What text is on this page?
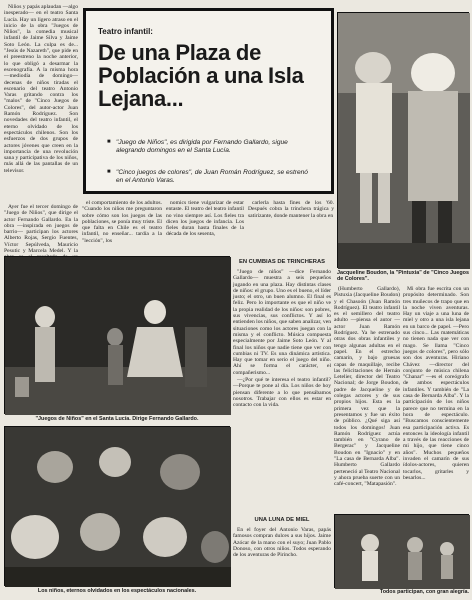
Niños y papás aplaudan —algo inesperado— en el teatro Santa Lucía. Hay un ligero atraso en el inicio de la obra "Juegos de Niños", la comedia musical infantil de Jaime Silva y Jaime Soto León. La culpa es de... "Jesús de Nazareth", que pide en el preestreno la noche anterior, lo que obligó a desarmar la escenografía. A la misma hora —mediodía de domingo— decenas de niños tiradas el escenario del teatro Antonio Varas gritando contra los "malos" de "Cinco Juegos de Colores", del autor-actor Juan Ramón Rodríguez. Son novedades del teatro infantil, el eterno olvidado de los espectáculos chilenos. Son los esfuerzos de dos grupos de actores jóvenes que creen en la importancia de una revolución sana y participativa de los niños, más allá de las pantallas de un televisor.

Teatro infantil:
De una Plaza de Población a una Isla Lejana...
■ "Juego de Niños", es dirigida por Fernando Gallardo, sigue alegrando domingos en el Santa Lucía.
■ "Cinco juegos de colores", de Juan Román Rodríguez, se estrenó en el Antonio Varas.
Jacqueline Boudon, la "Pintuxia" de "Cinco Juegos de Colores".

Ayer fue el tercer domingo de "Juego de Niños", que dirige el actor Fernando Gallardo. En la obra —inspirada en juegos de barrio— participan los actores Alberto Rojas, Sergio Fuentes, Víctor Sepúlveda, Mauricio Pesutic y Marcela Medel. Y la

el comportamiento de los adultos. "Cuando los niños me preguntaron sobre cómo son los juegos de las poblaciones, se ponía muy triste. El que falta en Chile es el teatro infantil, no enseñar... tardía a la "lección", los

nomics tiene vulgarizar de estar entaste. El teatro del teatro infantil no vino siempre así. Los fieles tra dicen los juegos de infancia. Los fieles duran hasta finales de la década de los sesenta,

carlerla hasta fines de los '60. Después cobra la trinchera trágica y satirizante, donde mantener la obra en

"Juegos de Niños" en el Santa Lucía. Dirige Fernando Gallardo.
EN CUMBIAS DE TRINCHERAS

"Juego de niños" —dice Fernando Gallardo— muestra a seis pequeños jugando en una plaza. Hay distintas clases de niños: el grupo. Uno es el bueno, el líder justo; el otro, un buen alumno. El final es feliz. Pero lo importante es que el niño ve la propia realidad de los niños: son pobres, sus vivencias, sus conflictos. Y así lo entienden los niños, que saben analizar, ven situaciones como los actores juegan con la misma y el conflicto. Música compuesta especialmente por Jaime Soto León. Y al final los niños que nadie tiene que ver con cumbias ni TV. Es una dinámica artística. Hay que tomar en serio el juego del niño. Ahí se forma el carácter, el compañerismo...

—¿Por qué te interesa el teatro infantil? —Porque te pone al día. Los niños de hoy piensan diferente a lo que pensábamos nosotros. Trabajar con ellos es estar en contacto con la vida.

UNA LUNA DE MIEL

En el foyer del Antonio Varas, papás famosos compran dulces a sus hijos. Jaime Azócar de la mano con el suyo; Juan Pablo Donoso, con otros niños. Todos esperando de los aventuras de Pirincho.

(Humberto Gallardo), Pistuxia (Jacqueline Boudon) y el Chasoón (Juan Ramón Rodríguez). El teatro infantil es el semillero del teatro adulto —piensa el autor —actor Juan Ramón Rodríguez. Ya he estrenado otras dos obras infantiles y tengo algunas adultas en el papel. En el estrecho camarín, y bajo gruesas capas de maquillaje, recibe las felicitaciones de Hernán Letelier, director del Teatro Nacional; de Jorge Boudon, padre de Jacqueline y de colegas actores y de sus propios hijos. Esta es la primera vez que la presentamos y fue un éxito de público. ¿Qué siga así todos los domingos! Juan Ramón Rodríguez actúa también en "Cyrano de Bergerac" y Jacqueline Boudon en "Ignacio" y en "La casa de Bernarda Alba". Humberto Gallardo perteneció al Teatro Nacional y ahora prueba suerte con un café-concert, "Matapasión".

Mi obra fue escrita con un propósito determinado. Son tres muñecos de trapo que en la noche viven aventuras. Hay un viaje a una luna de miel y otro a una isla lejana en un barco de papel. —Pero sus cinco... Las matemáticas no tienen nada que ver con mago. Se llama "Cinco juegos de colores", pero sólo son dos aventuras. Hiriano Chávez —director del conjunto de música chilena "Chanar" —es el coreógrafo de ambos espectáculos infantiles. Y también de "La casa de Bernarda Alba". Y la participación de los niños parece que no termina en la hora de espectáculo. "Buscamos conscientemente esa participación activa. Es entonces la ideología infantil a través de las reacciones de mi hijo, que tiene cinco años". Muchos pequeños invaden el camarín de sus ídolos-actores, quieren tocarlos, gritarles y besarlos...

Los niños, eternos olvidados en los espectáculos nacionales.	Todos participan, con gran alegría.
